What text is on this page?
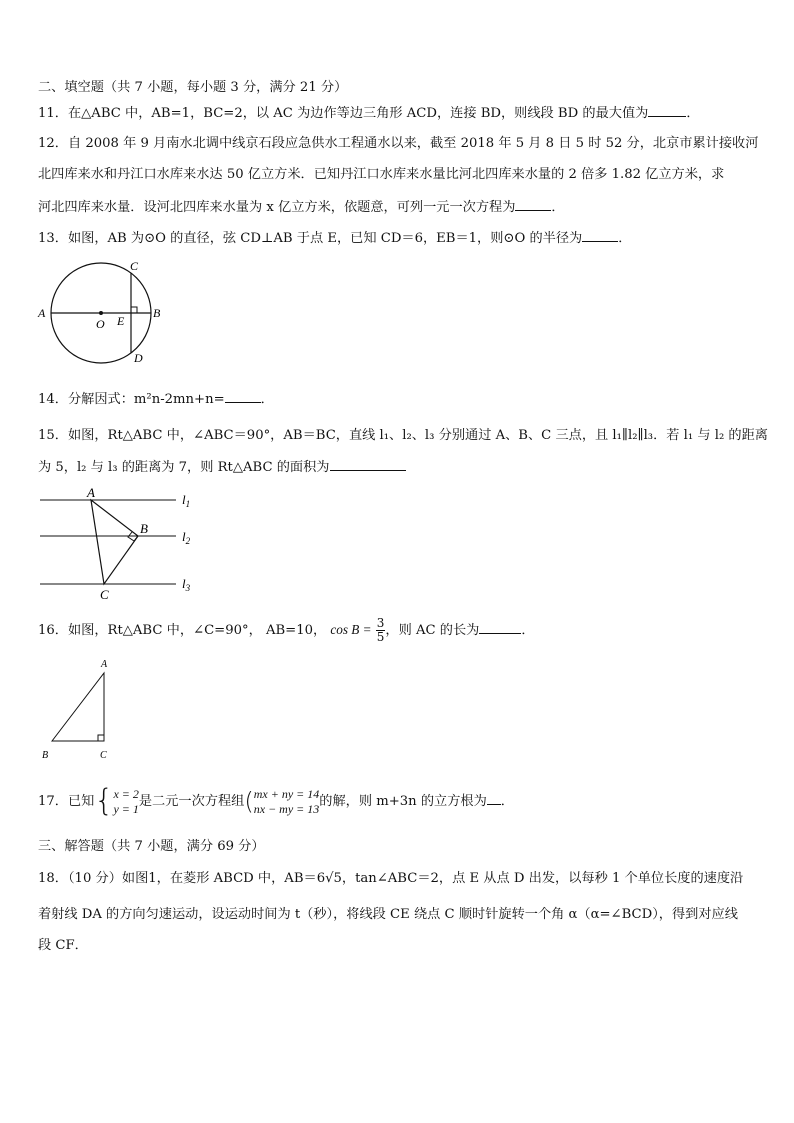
二、填空题（共 7 小题，每小题 3 分，满分 21 分）
11．在△ABC 中，AB=1，BC=2，以 AC 为边作等边三角形 ACD，连接 BD，则线段 BD 的最大值为	．
12．自 2008 年 9 月南水北调中线京石段应急供水工程通水以来，截至 2018 年 5 月 8 日 5 时 52 分，北京市累计接收河
北四库来水和丹江口水库来水达 50 亿立方米．已知丹江口水库来水量比河北四库来水量的 2 倍多 1.82 亿立方米，求
河北四库来水量．设河北四库来水量为 x 亿立方米，依题意，可列一元一次方程为	．
13．如图，AB 为⊙O 的直径，弦 CD⊥AB 于点 E，已知 CD＝6，EB＝1，则⊙O 的半径为	．
A	B
C
D
O E
14．分解因式：m²n-2mn+n=	．
15．如图，Rt△ABC 中，∠ABC＝90°，AB＝BC，直线 l₁、l₂、l₃ 分别通过 A、B、C 三点，且 l₁∥l₂∥l₃．若 l₁ 与 l₂ 的距离
为 5，l₂ 与 l₃ 的距离为 7，则 Rt△ABC 的面积为
A
B
C
$l_1$
$l_2$
$l_3$
16．如图，Rt△ABC 中，∠C=90°， AB=10， $\cos B = \frac{3}{5}$ ，则 AC 的长为	．
A
B	C
17．已知{ x = 2
y = 1 是二元一次方程组( mx + ny = 14
nx − my = 13 的解，则 m+3n 的立方根为 ．
三、解答题（共 7 小题，满分 69 分）
18．（10 分）如图1，在菱形 ABCD 中，AB＝6√5，tan∠ABC＝2，点 E 从点 D 出发，以每秒 1 个单位长度的速度沿
着射线 DA 的方向匀速运动，设运动时间为 t（秒），将线段 CE 绕点 C 顺时针旋转一个角 α（α=∠BCD），得到对应线
段 CF．
